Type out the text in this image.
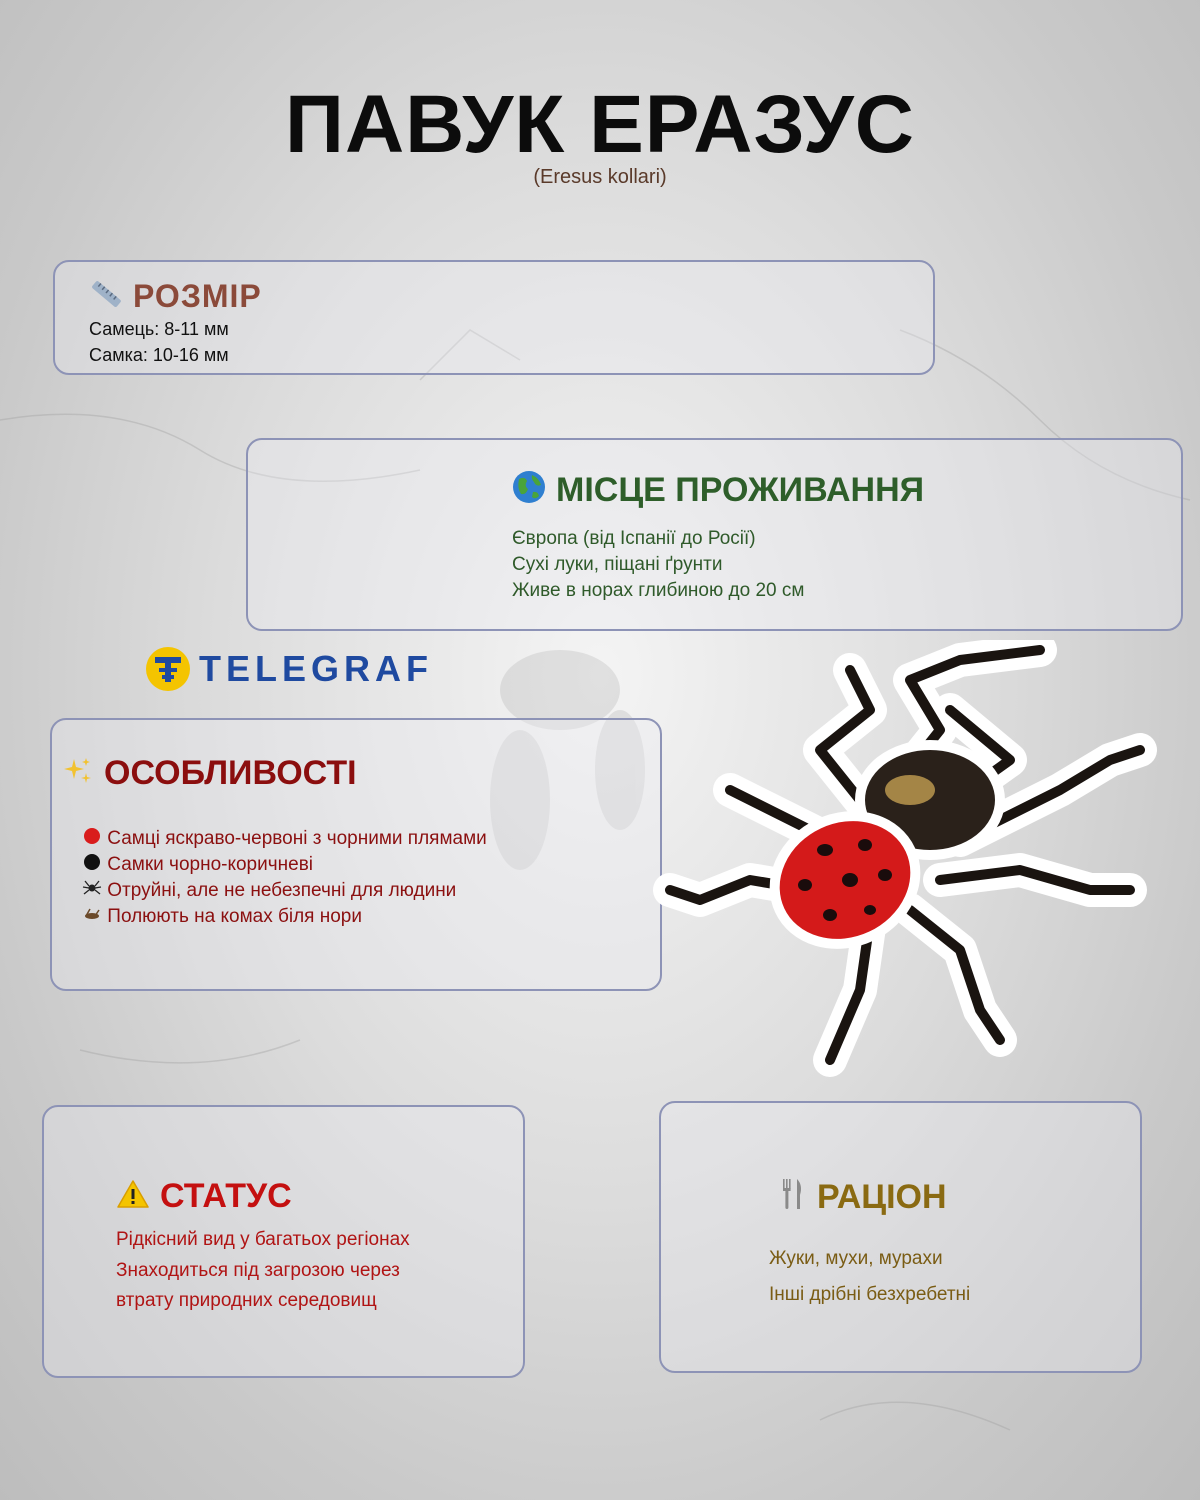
ПАВУК ЕРАЗУС
(Eresus kollari)
РОЗМІР
Самець: 8-11 мм
Самка: 10-16 мм
МІСЦЕ ПРОЖИВАННЯ
Європа (від Іспанії до Росії)
Сухі луки, піщані ґрунти
Живе в норах глибиною до 20 см
TELEGRAF
ОСОБЛИВОСТІ
Самці яскраво-червоні з чорними плямами
Самки чорно-коричневі
Отруйні, але не небезпечні для людини
Полюють на комах біля нори
СТАТУС
Рідкісний вид у багатьох регіонах
Знаходиться під загрозою через
втрату природних середовищ
РАЦІОН
Жуки, мухи, мурахи
Інші дрібні безхребетні
